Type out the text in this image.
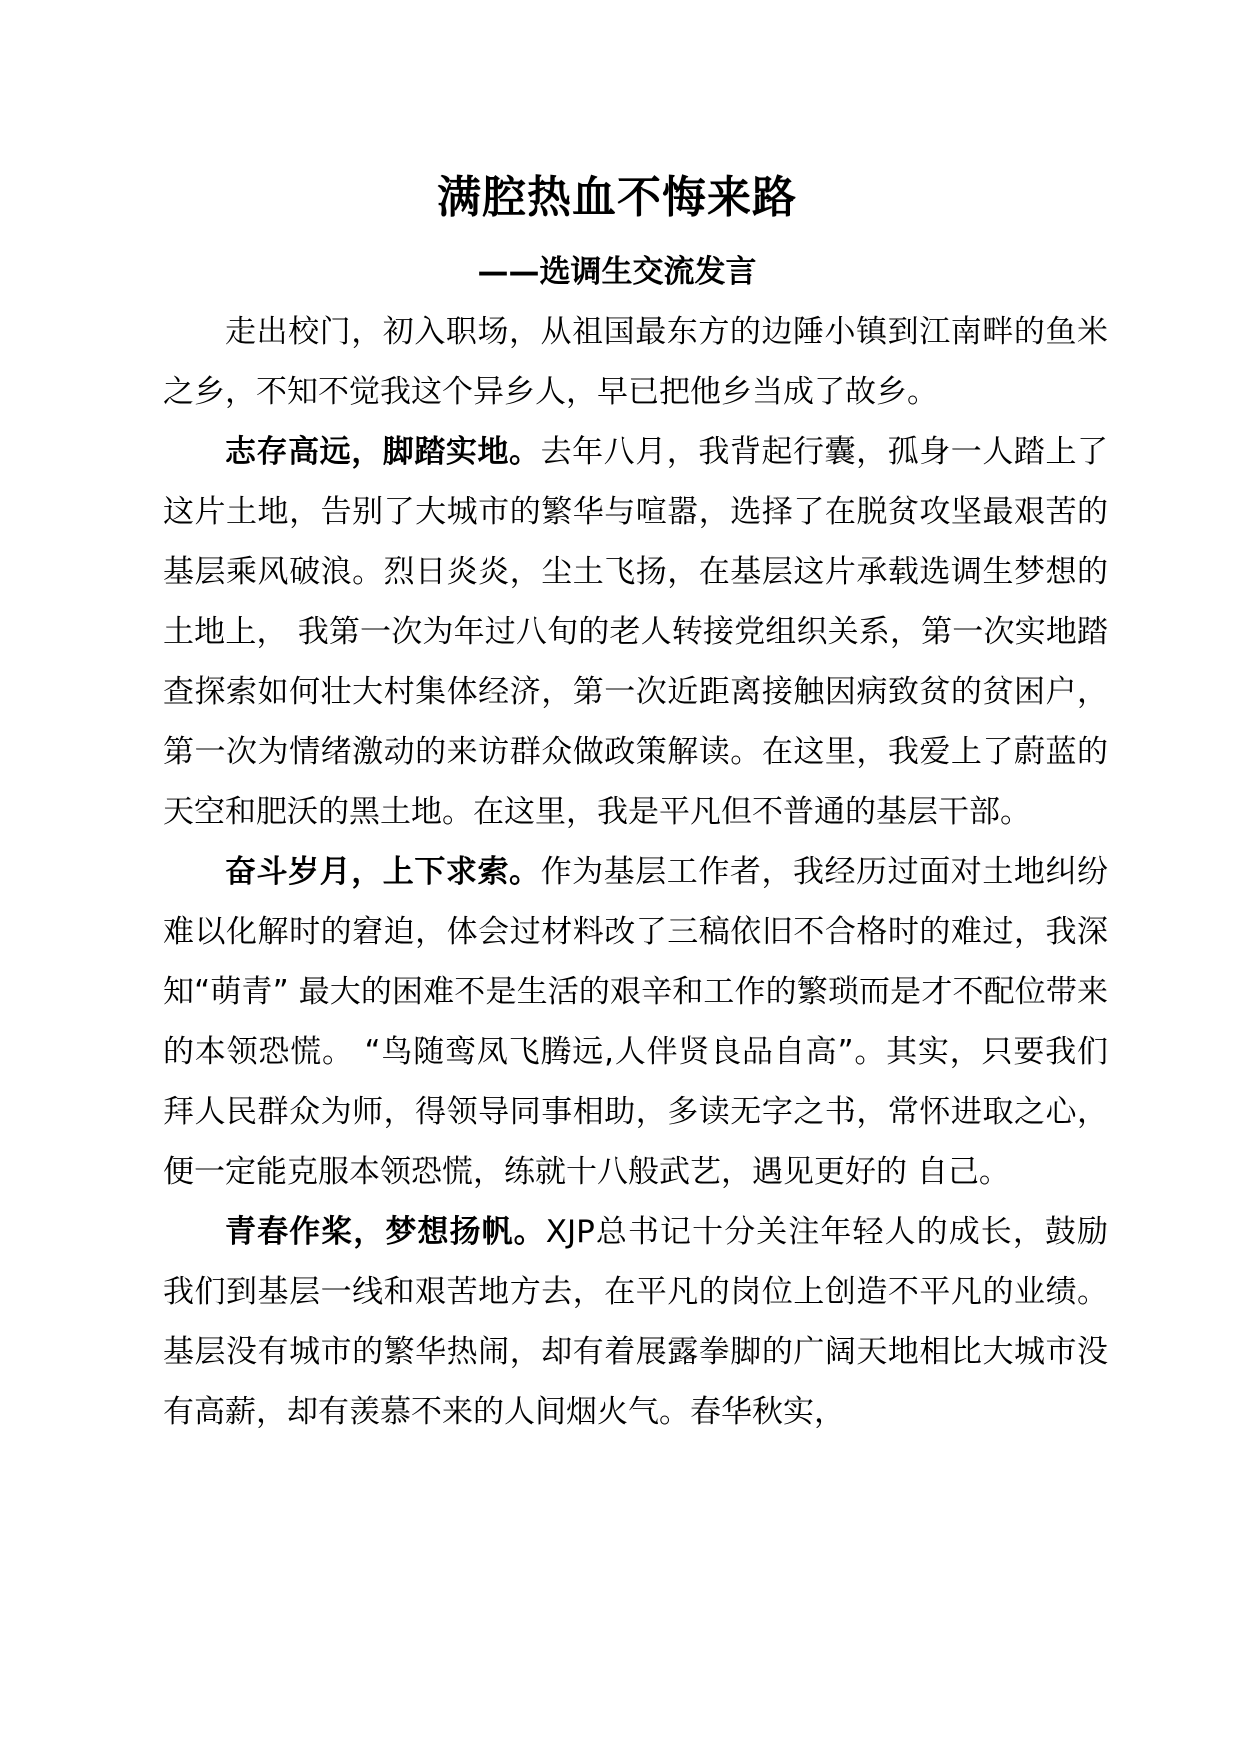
满腔热血不悔来路
——选调生交流发言

走出校门，初入职场，从祖国最东方的边陲小镇到江南畔的鱼米之乡，不知不觉我这个异乡人，早已把他乡当成了故乡。

志存高远，脚踏实地。去年八月，我背起行囊，孤身一人踏上了这片土地，告别了大城市的繁华与喧嚣，选择了在脱贫攻坚最艰苦的基层乘风破浪。烈日炎炎，尘土飞扬，在基层这片承载选调生梦想的土地上， 我第一次为年过八旬的老人转接党组织关系，第一次实地踏查探索如何壮大村集体经济，第一次近距离接触因病致贫的贫困户， 第一次为情绪激动的来访群众做政策解读。在这里，我爱上了蔚蓝的天空和肥沃的黑土地。在这里，我是平凡但不普通的基层干部。

奋斗岁月，上下求索。作为基层工作者，我经历过面对土地纠纷难以化解时的窘迫，体会过材料改了三稿依旧不合格时的难过，我深知“萌青” 最大的困难不是生活的艰辛和工作的繁琐而是才不配位带来的本领恐慌。 “鸟随鸾凤飞腾远,人伴贤良品自高”。其实，只要我们拜人民群众为师，得领导同事相助，多读无字之书，常怀进取之心，便一定能克服本领恐慌，练就十八般武艺，遇见更好的 自己。

青春作桨，梦想扬帆。XJP总书记十分关注年轻人的成长，鼓励我们到基层一线和艰苦地方去，在平凡的岗位上创造不平凡的业绩。基层没有城市的繁华热闹，却有着展露拳脚的广阔天地相比大城市没有高薪，却有羡慕不来的人间烟火气。春华秋实，
